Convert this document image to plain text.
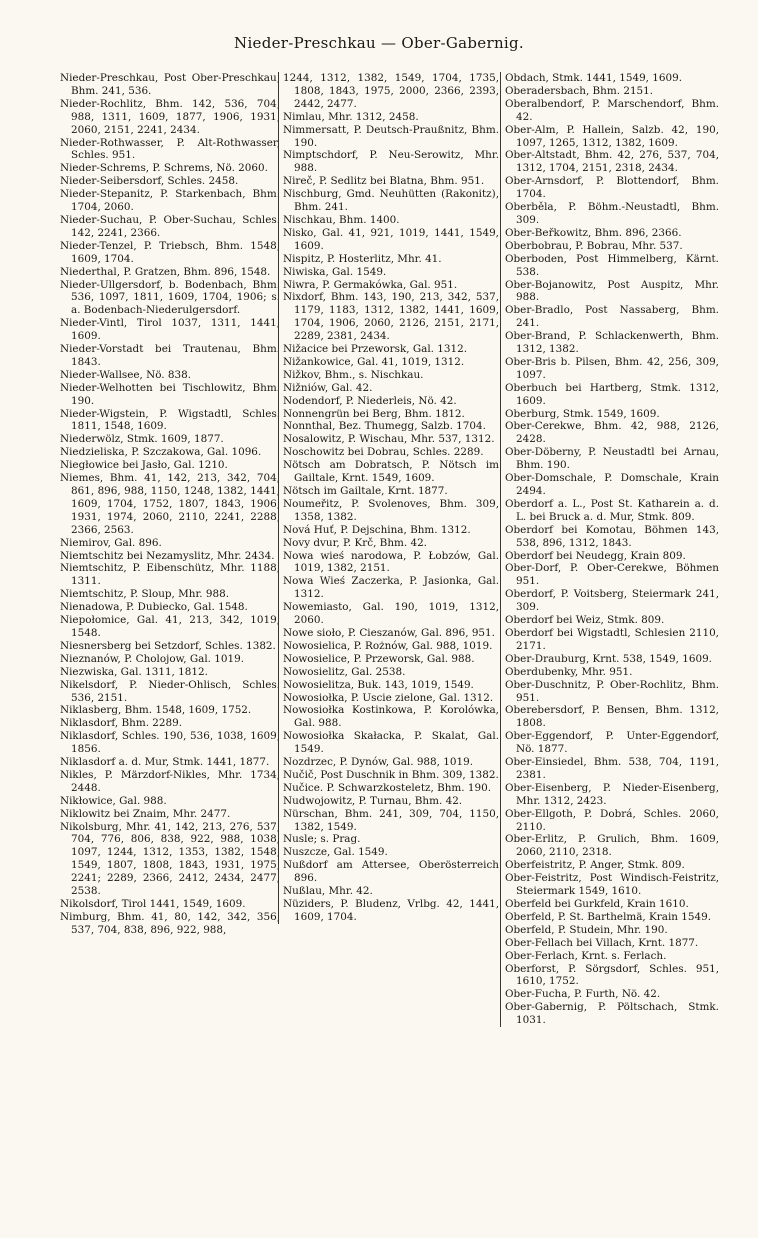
Nieder-Preschkau — Ober-Gabernig.
Nieder-Preschkau, Post Ober-Preschkau, Bhm. 241, 536.
Nieder-Rochlitz, Bhm. 142, 536, 704, 988, 1311, 1609, 1877, 1906, 1931, 2060, 2151, 2241, 2434.
Nieder-Rothwasser, P. Alt-Rothwasser, Schles. 951.
Nieder-Schrems, P. Schrems, Nö. 2060.
Nieder-Seibersdorf, Schles. 2458.
Nieder-Stepanitz, P. Starkenbach, Bhm. 1704, 2060.
Nieder-Suchau, P. Ober-Suchau, Schles. 142, 2241, 2366.
Nieder-Tenzel, P. Triebsch, Bhm. 1548, 1609, 1704.
Niederthal, P. Gratzen, Bhm. 896, 1548.
Nieder-Ullgersdorf, b. Bodenbach, Bhm. 536, 1097, 1811, 1609, 1704, 1906; s. a. Bodenbach-Niederulgersdorf.
Nieder-Vintl, Tirol 1037, 1311, 1441, 1609.
Nieder-Vorstadt bei Trautenau, Bhm. 1843.
Nieder-Wallsee, Nö. 838.
Nieder-Welhotten bei Tischlowitz, Bhm. 190.
Nieder-Wigstein, P. Wigstadtl, Schles. 1811, 1548, 1609.
Niederwölz, Stmk. 1609, 1877.
Niedzieliska, P. Szczakowa, Gal. 1096.
Niegłowice bei Jasło, Gal. 1210.
Niemes, Bhm. 41, 142, 213, 342, 704, 861, 896, 988, 1150, 1248, 1382, 1441, 1609, 1704, 1752, 1807, 1843, 1906, 1931, 1974, 2060, 2110, 2241, 2288, 2366, 2563.
Niemirov, Gal. 896.
Niemtschitz bei Nezamyslitz, Mhr. 2434.
Niemtschitz, P. Eibenschütz, Mhr. 1188, 1311.
Niemtschitz, P. Sloup, Mhr. 988.
Nienadowa, P. Dubiecko, Gal. 1548.
Niepołomice, Gal. 41, 213, 342, 1019, 1548.
Niesnersberg bei Setzdorf, Schles. 1382.
Nieznanów, P. Cholojow, Gal. 1019.
Niezwiska, Gal. 1311, 1812.
Nikelsdorf, P. Nieder-Ohlisch, Schles. 536, 2151.
Niklasberg, Bhm. 1548, 1609, 1752.
Niklasdorf, Bhm. 2289.
Niklasdorf, Schles. 190, 536, 1038, 1609, 1856.
Niklasdorf a. d. Mur, Stmk. 1441, 1877.
Nikles, P. Märzdorf-Nikles, Mhr. 1734, 2448.
Nikłowice, Gal. 988.
Niklowitz bei Znaim, Mhr. 2477.
Nikolsburg, Mhr. 41, 142, 213, 276, 537, 704, 776, 806, 838, 922, 988, 1038, 1097, 1244, 1312, 1353, 1382, 1548, 1549, 1807, 1808, 1843, 1931, 1975, 2241; 2289, 2366, 2412, 2434, 2477, 2538.
Nikolsdorf, Tirol 1441, 1549, 1609.
Nimburg, Bhm. 41, 80, 142, 342, 356, 537, 704, 838, 896, 922, 988,
1244, 1312, 1382, 1549, 1704, 1735, 1808, 1843, 1975, 2000, 2366, 2393, 2442, 2477.
Nimlau, Mhr. 1312, 2458.
Nimmersatt, P. Deutsch-Praußnitz, Bhm. 190.
Nimptschdorf, P. Neu-Serowitz, Mhr. 988.
Nireč, P. Sedlitz bei Blatna, Bhm. 951.
Nischburg, Gmd. Neuhütten (Rakonitz), Bhm. 241.
Nischkau, Bhm. 1400.
Nisko, Gal. 41, 921, 1019, 1441, 1549, 1609.
Nispitz, P. Hosterlitz, Mhr. 41.
Niwiska, Gal. 1549.
Niwra, P. Germakówka, Gal. 951.
Nixdorf, Bhm. 143, 190, 213, 342, 537, 1179, 1183, 1312, 1382, 1441, 1609, 1704, 1906, 2060, 2126, 2151, 2171, 2289, 2381, 2434.
Nižacice bei Przeworsk, Gal. 1312.
Nižankowice, Gal. 41, 1019, 1312.
Nižkov, Bhm., s. Nischkau.
Nižniów, Gal. 42.
Nodendorf, P. Niederleis, Nö. 42.
Nonnengrün bei Berg, Bhm. 1812.
Nonnthal, Bez. Thumegg, Salzb. 1704.
Nosalowitz, P. Wischau, Mhr. 537, 1312.
Noschowitz bei Dobrau, Schles. 2289.
Nötsch am Dobratsch, P. Nötsch im Gailtale, Krnt. 1549, 1609.
Nötsch im Gailtale, Krnt. 1877.
Noumeřitz, P. Svolenoves, Bhm. 309, 1358, 1382.
Nová Huť, P. Dejschina, Bhm. 1312.
Novy dvur, P. Krč, Bhm. 42.
Nowa wieś narodowa, P. Łobzów, Gal. 1019, 1382, 2151.
Nowa Wieś Zaczerka, P. Jasionka, Gal. 1312.
Nowemiasto, Gal. 190, 1019, 1312, 2060.
Nowe sioło, P. Cieszanów, Gal. 896, 951.
Nowosielica, P. Rożnów, Gal. 988, 1019.
Nowosielice, P. Przeworsk, Gal. 988.
Nowosielitz, Gal. 2538.
Nowosielitza, Buk. 143, 1019, 1549.
Nowosiołka, P. Uscie zielone, Gal. 1312.
Nowosiołka Kostinkowa, P. Korolówka, Gal. 988.
Nowosiołka Skałacka, P. Skalat, Gal. 1549.
Nozdrzec, P. Dynów, Gal. 988, 1019.
Nučič, Post Duschnik in Bhm. 309, 1382.
Nučice. P. Schwarzkosteletz, Bhm. 190.
Nudwojowitz, P. Turnau, Bhm. 42.
Nürschan, Bhm. 241, 309, 704, 1150, 1382, 1549.
Nusle; s. Prag.
Nuszcze, Gal. 1549.
Nußdorf am Attersee, Oberösterreich 896.
Nußlau, Mhr. 42.
Nüziders, P. Bludenz, Vrlbg. 42, 1441, 1609, 1704.
Obdach, Stmk. 1441, 1549, 1609.
Oberadersbach, Bhm. 2151.
Oberalbendorf, P. Marschendorf, Bhm. 42.
Ober-Alm, P. Hallein, Salzb. 42, 190, 1097, 1265, 1312, 1382, 1609.
Ober-Altstadt, Bhm. 42, 276, 537, 704, 1312, 1704, 2151, 2318, 2434.
Ober-Arnsdorf, P. Blottendorf, Bhm. 1704.
Oberběla, P. Böhm.-Neustadtl, Bhm. 309.
Ober-Beřkowitz, Bhm. 896, 2366.
Oberbobrau, P. Bobrau, Mhr. 537.
Oberboden, Post Himmelberg, Kärnt. 538.
Ober-Bojanowitz, Post Auspitz, Mhr. 988.
Ober-Bradlo, Post Nassaberg, Bhm. 241.
Ober-Brand, P. Schlackenwerth, Bhm. 1312, 1382.
Ober-Bris b. Pilsen, Bhm. 42, 256, 309, 1097.
Oberbuch bei Hartberg, Stmk. 1312, 1609.
Oberburg, Stmk. 1549, 1609.
Ober-Cerekwe, Bhm. 42, 988, 2126, 2428.
Ober-Döberny, P. Neustadtl bei Arnau, Bhm. 190.
Ober-Domschale, P. Domschale, Krain 2494.
Oberdorf a. L., Post St. Katharein a. d. L. bei Bruck a. d. Mur, Stmk. 809.
Oberdorf bei Komotau, Böhmen 143, 538, 896, 1312, 1843.
Oberdorf bei Neudegg, Krain 809.
Ober-Dorf, P. Ober-Cerekwe, Böhmen 951.
Oberdorf, P. Voitsberg, Steiermark 241, 309.
Oberdorf bei Weiz, Stmk. 809.
Oberdorf bei Wigstadtl, Schlesien 2110, 2171.
Ober-Drauburg, Krnt. 538, 1549, 1609.
Oberdubenky, Mhr. 951.
Ober-Duschnitz, P. Ober-Rochlitz, Bhm. 951.
Oberebersdorf, P. Bensen, Bhm. 1312, 1808.
Ober-Eggendorf, P. Unter-Eggendorf, Nö. 1877.
Ober-Einsiedel, Bhm. 538, 704, 1191, 2381.
Ober-Eisenberg, P. Nieder-Eisenberg, Mhr. 1312, 2423.
Ober-Ellgoth, P. Dobrá, Schles. 2060, 2110.
Ober-Erlitz, P. Grulich, Bhm. 1609, 2060, 2110, 2318.
Oberfeistritz, P. Anger, Stmk. 809.
Ober-Feistritz, Post Windisch-Feistritz, Steiermark 1549, 1610.
Oberfeld bei Gurkfeld, Krain 1610.
Oberfeld, P. St. Barthelmä, Krain 1549.
Oberfeld, P. Studein, Mhr. 190.
Ober-Fellach bei Villach, Krnt. 1877.
Ober-Ferlach, Krnt. s. Ferlach.
Oberforst, P. Sörgsdorf, Schles. 951, 1610, 1752.
Ober-Fucha, P. Furth, Nö. 42.
Ober-Gabernig, P. Pöltschach, Stmk. 1031.
